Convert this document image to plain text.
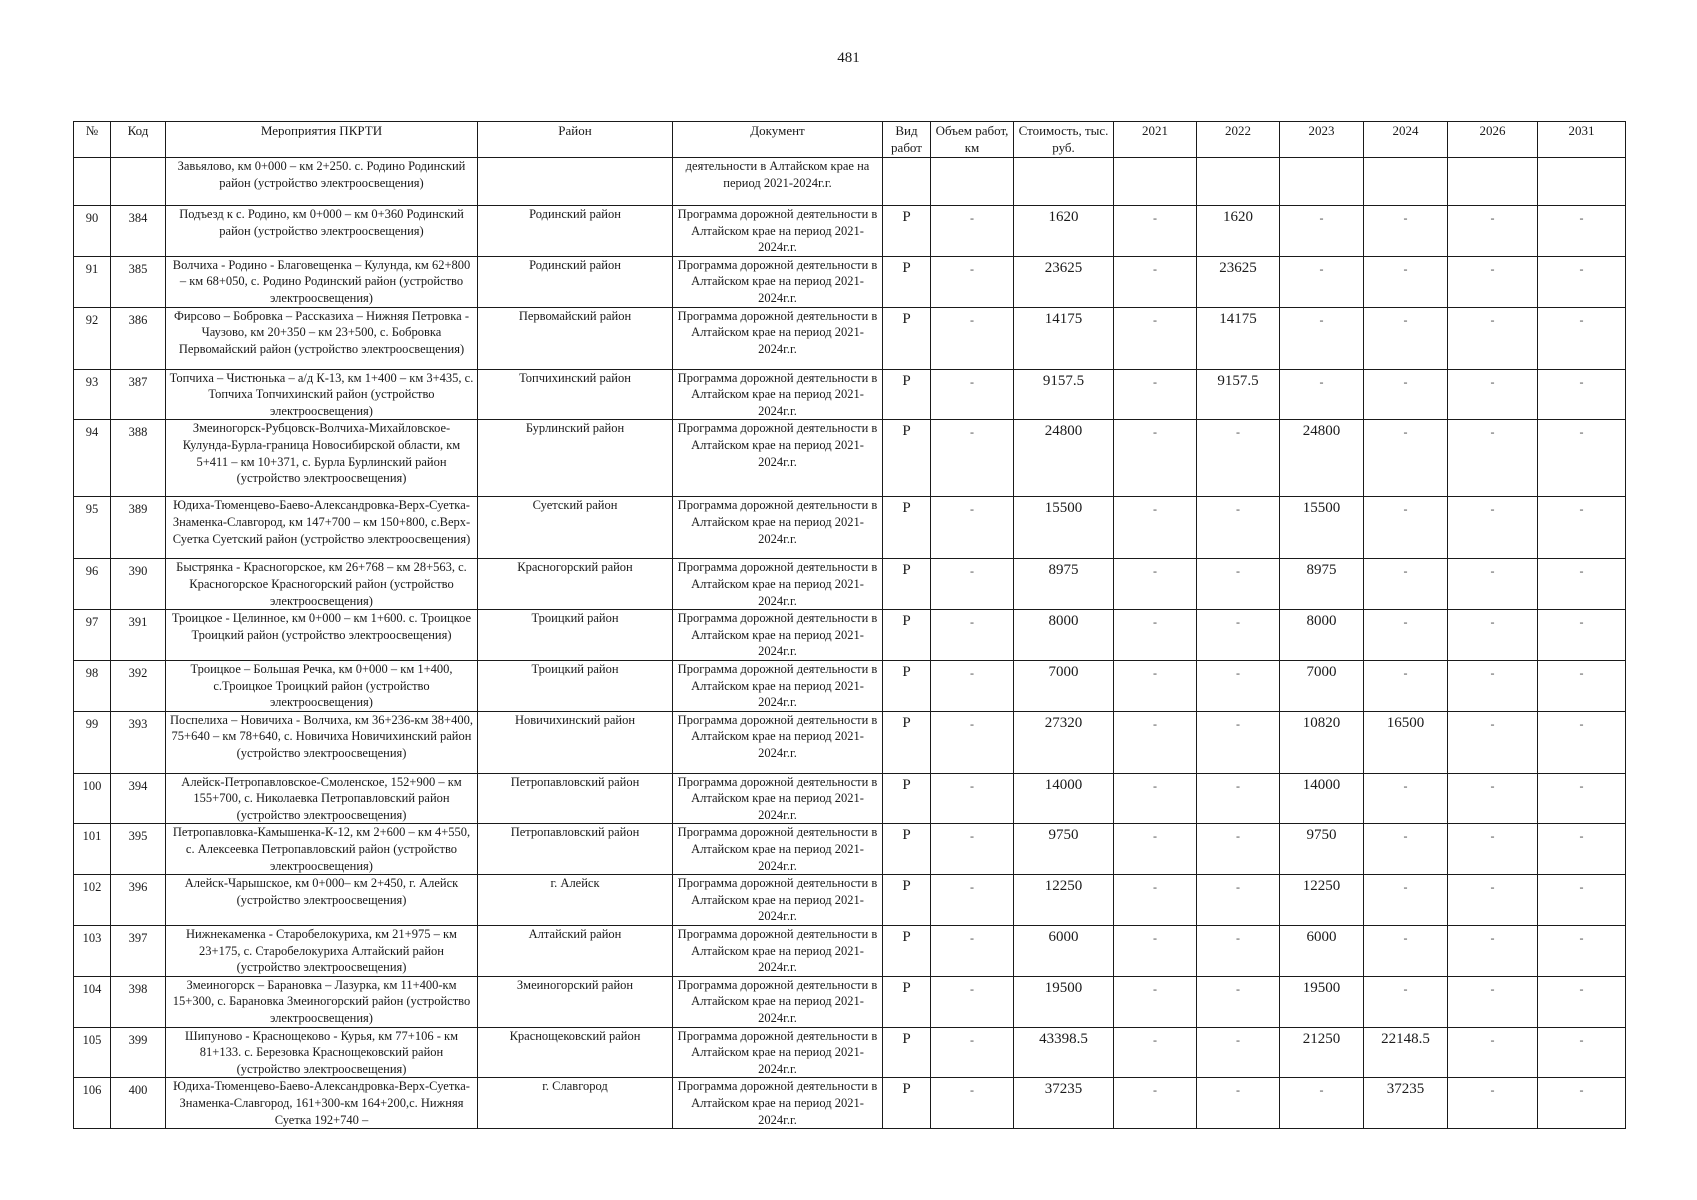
481
№	Код	Мероприятия ПКРТИ	Район	Документ	Вид работ	Объем работ, км	Стоимость, тыс. руб.	2021	2022	2023	2024	2026	2031
		Завьялово, км 0+000 – км 2+250. с. Родино Родинский район (устройство электроосвещения)		деятельности в Алтайском крае на период 2021-2024г.г.									
90	384	Подъезд к с. Родино, км 0+000 – км 0+360 Родинский район (устройство электроосвещения)	Родинский район	Программа дорожной деятельности в Алтайском крае на период 2021-2024г.г.	Р	-	1620	-	1620	-	-	-	-
91	385	Волчиха - Родино - Благовещенка – Кулунда, км 62+800 – км 68+050, с. Родино Родинский район (устройство электроосвещения)	Родинский район	Программа дорожной деятельности в Алтайском крае на период 2021-2024г.г.	Р	-	23625	-	23625	-	-	-	-
92	386	Фирсово – Бобровка – Рассказиха – Нижняя Петровка - Чаузово, км 20+350 – км 23+500, с. Бобровка Первомайский район (устройство электроосвещения)	Первомайский район	Программа дорожной деятельности в Алтайском крае на период 2021-2024г.г.	Р	-	14175	-	14175	-	-	-	-
93	387	Топчиха – Чистюнька – а/д К-13, км 1+400 – км 3+435, с. Топчиха Топчихинский район (устройство электроосвещения)	Топчихинский район	Программа дорожной деятельности в Алтайском крае на период 2021-2024г.г.	Р	-	9157.5	-	9157.5	-	-	-	-
94	388	Змеиногорск-Рубцовск-Волчиха-Михайловское-Кулунда-Бурла-граница Новосибирской области, км 5+411 – км 10+371, с. Бурла Бурлинский район (устройство электроосвещения)	Бурлинский район	Программа дорожной деятельности в Алтайском крае на период 2021-2024г.г.	Р	-	24800	-	-	24800	-	-	-
95	389	Юдиха-Тюменцево-Баево-Александровка-Верх-Суетка-Знаменка-Славгород, км 147+700 – км 150+800, с.Верх-Суетка Суетский район (устройство электроосвещения)	Суетский район	Программа дорожной деятельности в Алтайском крае на период 2021-2024г.г.	Р	-	15500	-	-	15500	-	-	-
96	390	Быстрянка - Красногорское, км 26+768 – км 28+563, с. Красногорское Красногорский район (устройство электроосвещения)	Красногорский район	Программа дорожной деятельности в Алтайском крае на период 2021-2024г.г.	Р	-	8975	-	-	8975	-	-	-
97	391	Троицкое - Целинное, км 0+000 – км 1+600. с. Троицкое Троицкий район (устройство электроосвещения)	Троицкий район	Программа дорожной деятельности в Алтайском крае на период 2021-2024г.г.	Р	-	8000	-	-	8000	-	-	-
98	392	Троицкое – Большая Речка, км 0+000 – км 1+400, с.Троицкое Троицкий район (устройство электроосвещения)	Троицкий район	Программа дорожной деятельности в Алтайском крае на период 2021-2024г.г.	Р	-	7000	-	-	7000	-	-	-
99	393	Поспелиха – Новичиха - Волчиха, км 36+236-км 38+400, 75+640 – км 78+640, с. Новичиха Новичихинский район (устройство электроосвещения)	Новичихинский район	Программа дорожной деятельности в Алтайском крае на период 2021-2024г.г.	Р	-	27320	-	-	10820	16500	-	-
100	394	Алейск-Петропавловское-Смоленское, 152+900 – км 155+700, с. Николаевка Петропавловский район (устройство электроосвещения)	Петропавловский район	Программа дорожной деятельности в Алтайском крае на период 2021-2024г.г.	Р	-	14000	-	-	14000	-	-	-
101	395	Петропавловка-Камышенка-К-12, км 2+600 – км 4+550, с. Алексеевка Петропавловский район (устройство электроосвещения)	Петропавловский район	Программа дорожной деятельности в Алтайском крае на период 2021-2024г.г.	Р	-	9750	-	-	9750	-	-	-
102	396	Алейск-Чарышское, км 0+000– км 2+450, г. Алейск (устройство электроосвещения)	г. Алейск	Программа дорожной деятельности в Алтайском крае на период 2021-2024г.г.	Р	-	12250	-	-	12250	-	-	-
103	397	Нижнекаменка - Старобелокуриха, км 21+975 – км 23+175, с. Старобелокуриха Алтайский район (устройство электроосвещения)	Алтайский район	Программа дорожной деятельности в Алтайском крае на период 2021-2024г.г.	Р	-	6000	-	-	6000	-	-	-
104	398	Змеиногорск – Барановка – Лазурка, км 11+400-км 15+300, с. Барановка Змеиногорский район (устройство электроосвещения)	Змеиногорский район	Программа дорожной деятельности в Алтайском крае на период 2021-2024г.г.	Р	-	19500	-	-	19500	-	-	-
105	399	Шипуново - Краснощеково - Курья, км 77+106 - км 81+133. с. Березовка Краснощековский район (устройство электроосвещения)	Краснощековский район	Программа дорожной деятельности в Алтайском крае на период 2021-2024г.г.	Р	-	43398.5	-	-	21250	22148.5	-	-
106	400	Юдиха-Тюменцево-Баево-Александровка-Верх-Суетка-Знаменка-Славгород, 161+300-км 164+200,с. Нижняя Суетка 192+740 –	г. Славгород	Программа дорожной деятельности в Алтайском крае на период 2021-2024г.г.	Р	-	37235	-	-	-	37235	-	-
